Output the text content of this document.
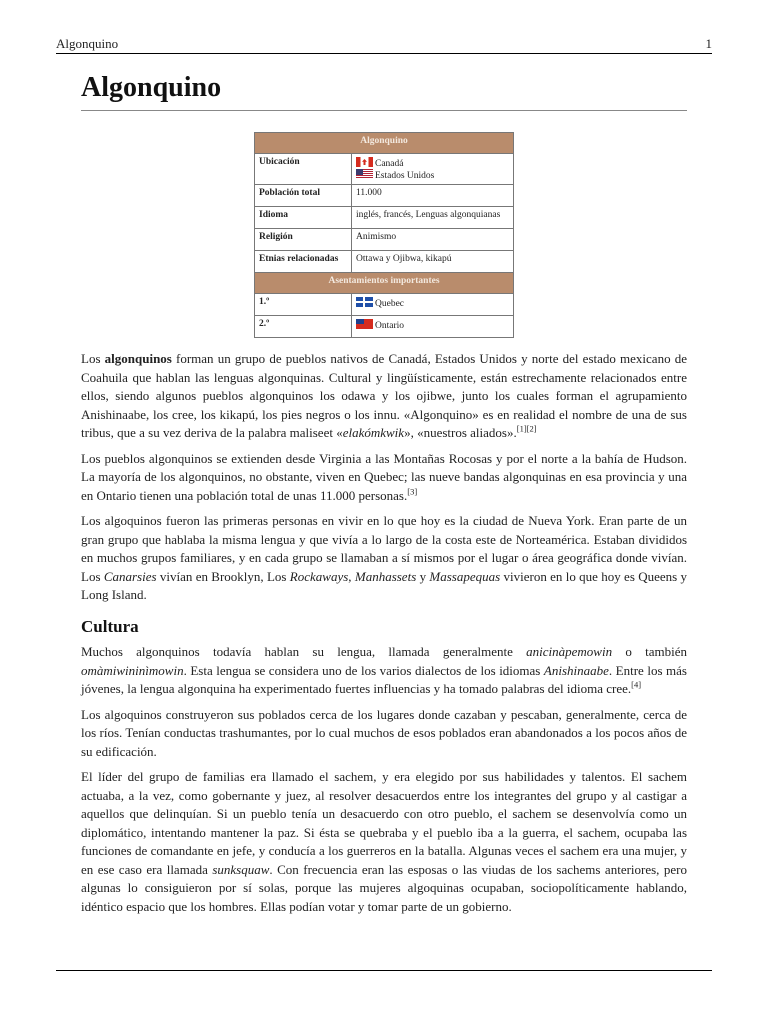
Algonquino	1
Algonquino
Algonquino	
Ubicación	Canadá
Estados Unidos

Población total	11.000
Idioma	inglés, francés, Lenguas algonquianas
Religión	Animismo
Etnias relacionadas	Ottawa y Ojibwa, kikapú
Asentamientos importantes	
1.º	Quebec
2.º	Ontario

Los algonquinos forman un grupo de pueblos nativos de Canadá, Estados Unidos y norte del estado mexicano de Coahuila que hablan las lenguas algonquinas. Cultural y lingüísticamente, están estrechamente relacionados entre ellos, siendo algunos pueblos algonquinos los odawa y los ojibwe, junto los cuales forman el agrupamiento Anishinaabe, los cree, los kikapú, los pies negros o los innu. «Algonquino» es en realidad el nombre de una de sus tribus, que a su vez deriva de la palabra maliseet «elakómkwik», «nuestros aliados».[1][2]

Los pueblos algonquinos se extienden desde Virginia a las Montañas Rocosas y por el norte a la bahía de Hudson. La mayoría de los algonquinos, no obstante, viven en Quebec; las nueve bandas algonquinas en esa provincia y una en Ontario tienen una población total de unas 11.000 personas.[3]

Los algoquinos fueron las primeras personas en vivir en lo que hoy es la ciudad de Nueva York. Eran parte de un gran grupo que hablaba la misma lengua y que vivía a lo largo de la costa este de Norteamérica. Estaban divididos en muchos grupos familiares, y en cada grupo se llamaban a sí mismos por el lugar o área geográfica donde vivían. Los Canarsies vivían en Brooklyn, Los Rockaways, Manhassets y Massapequas vivieron en lo que hoy es Queens y Long Island.

Cultura

Muchos algonquinos todavía hablan su lengua, llamada generalmente anicinàpemowin o también omàmiwininìmowin. Esta lengua se considera uno de los varios dialectos de los idiomas Anishinaabe. Entre los más jóvenes, la lengua algonquina ha experimentado fuertes influencias y ha tomado palabras del idioma cree.[4]

Los algoquinos construyeron sus poblados cerca de los lugares donde cazaban y pescaban, generalmente, cerca de los ríos. Tenían conductas trashumantes, por lo cual muchos de esos poblados eran abandonados a los pocos años de su edificación.

El líder del grupo de familias era llamado el sachem, y era elegido por sus habilidades y talentos. El sachem actuaba, a la vez, como gobernante y juez, al resolver desacuerdos entre los integrantes del grupo y al castigar a aquellos que delinquían. Si un pueblo tenía un desacuerdo con otro pueblo, el sachem se desenvolvía como un diplomático, intentando mantener la paz. Si ésta se quebraba y el pueblo iba a la guerra, el sachem, ocupaba las funciones de comandante en jefe, y conducía a los guerreros en la batalla. Algunas veces el sachem era una mujer, y en ese caso era llamada sunksquaw. Con frecuencia eran las esposas o las viudas de los sachems anteriores, pero algunas lo consiguieron por sí solas, porque las mujeres algoquinas ocupaban, sociopolíticamente hablando, idéntico espacio que los hombres. Ellas podían votar y tomar parte de un gobierno.
